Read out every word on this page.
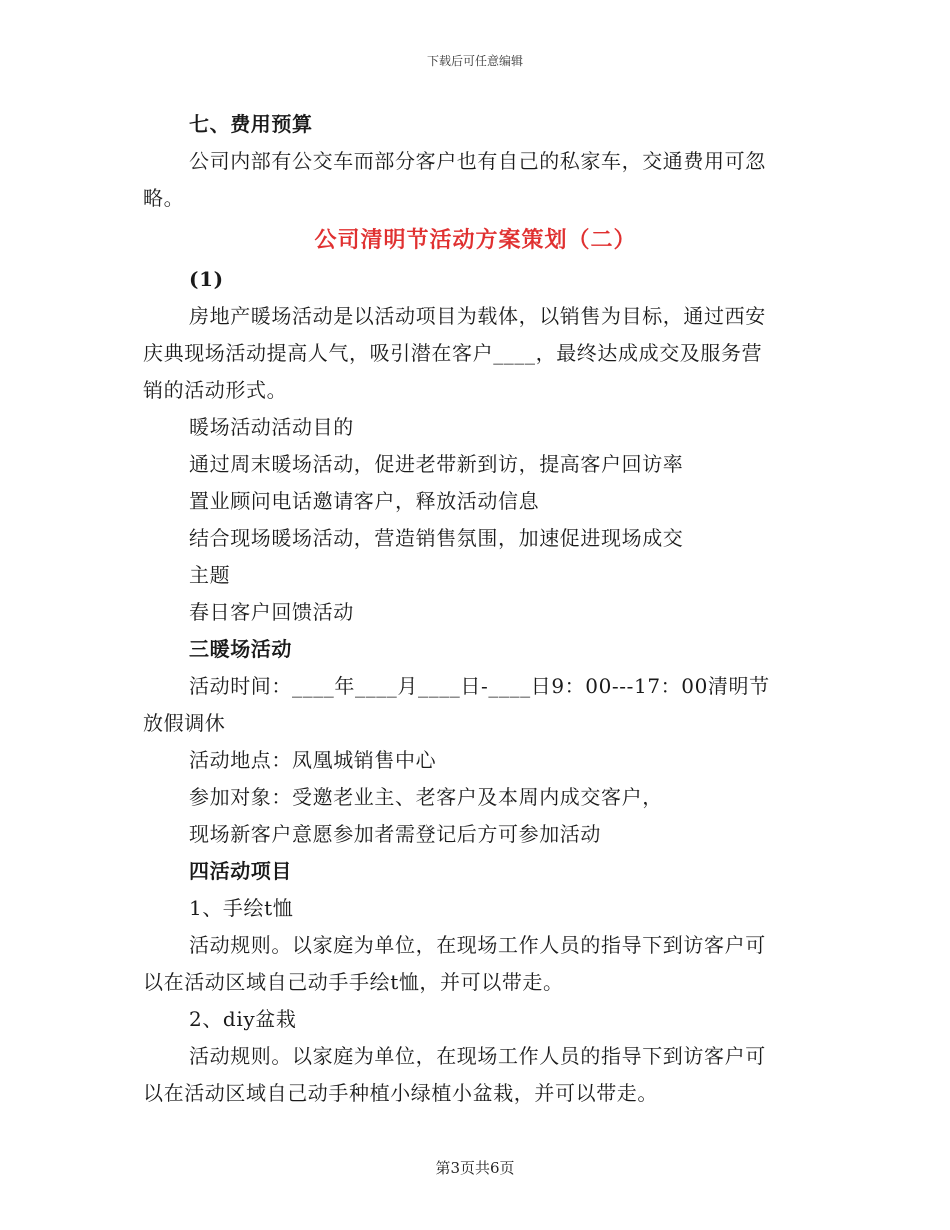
下载后可任意编辑
七、费用预算
公司内部有公交车而部分客户也有自己的私家车，交通费用可忽
略。
公司清明节活动方案策划（二）
(1)
房地产暖场活动是以活动项目为载体，以销售为目标，通过西安
庆典现场活动提高人气，吸引潜在客户____，最终达成成交及服务营
销的活动形式。
暖场活动活动目的
通过周末暖场活动，促进老带新到访，提高客户回访率
置业顾问电话邀请客户，释放活动信息
结合现场暖场活动，营造销售氛围，加速促进现场成交
主题
春日客户回馈活动
三暖场活动
活动时间：____年____月____日-____日9：00---17：00清明节
放假调休
活动地点：凤凰城销售中心
参加对象：受邀老业主、老客户及本周内成交客户，
现场新客户意愿参加者需登记后方可参加活动
四活动项目
1、手绘t恤
活动规则。以家庭为单位，在现场工作人员的指导下到访客户可
以在活动区域自己动手手绘t恤，并可以带走。
2、diy盆栽
活动规则。以家庭为单位，在现场工作人员的指导下到访客户可
以在活动区域自己动手种植小绿植小盆栽，并可以带走。
第3页共6页
